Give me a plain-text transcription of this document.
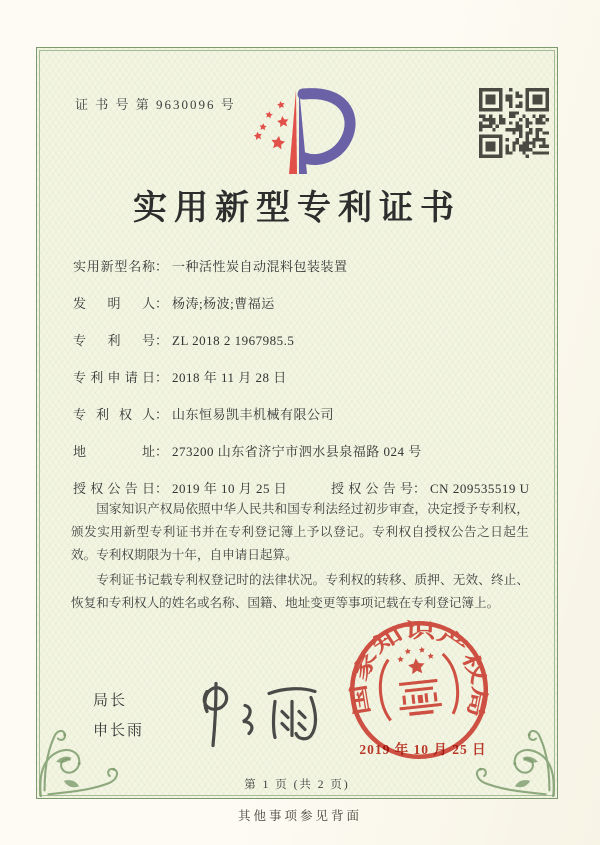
证 书 号 第 9630096 号
实用新型专利证书
实用新型名称： 一种活性炭自动混料包装装置
发明人： 杨涛;杨波;曹福运
专利号： ZL 2018 2 1967985.5
专利申请日： 2018 年 11 月 28 日
专利权人： 山东恒易凯丰机械有限公司
地址： 273200 山东省济宁市泗水县泉福路 024 号
授权公告日： 2019 年 10 月 25 日	授权公告号： CN 209535519 U

国家知识产权局依照中华人民共和国专利法经过初步审查，决定授予专利权，颁发实用新型专利证书并在专利登记簿上予以登记。专利权自授权公告之日起生效。专利权期限为十年，自申请日起算。

专利证书记载专利权登记时的法律状况。专利权的转移、质押、无效、终止、恢复和专利权人的姓名或名称、国籍、地址变更等事项记载在专利登记簿上。

局长
申长雨
国家知识产权局
2019 年 10 月 25 日
第 1 页 (共 2 页)
其他事项参见背面
